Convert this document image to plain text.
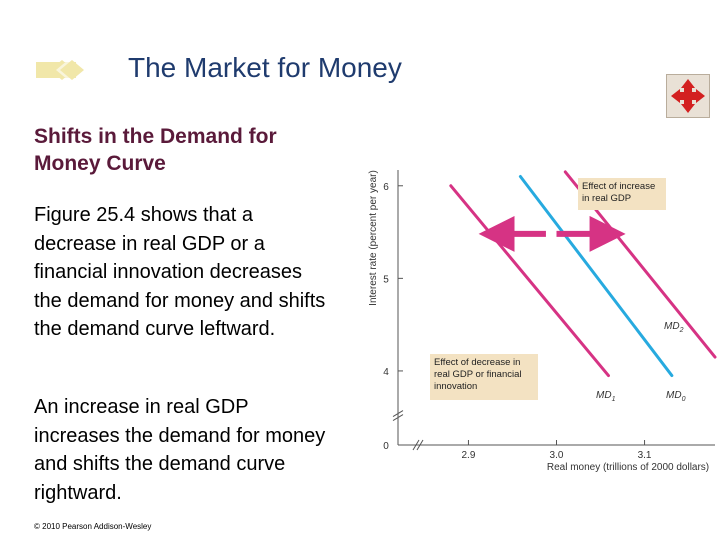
The Market for Money
Shifts in the Demand for Money Curve
Figure 25.4 shows that a decrease in real GDP or a financial innovation decreases the demand for money and shifts the demand curve leftward.
An increase in real GDP increases the demand for money and shifts the demand curve rightward.
© 2010 Pearson Addison-Wesley
4
5
6
0
2.9	3.0	3.1
Real money (trillions of 2000 dollars)
Interest rate (percent per year)
$MD_0$
$MD_1$
$MD_2$
Effect of increase
in real GDP
Effect of decrease in
real GDP or financial
innovation
